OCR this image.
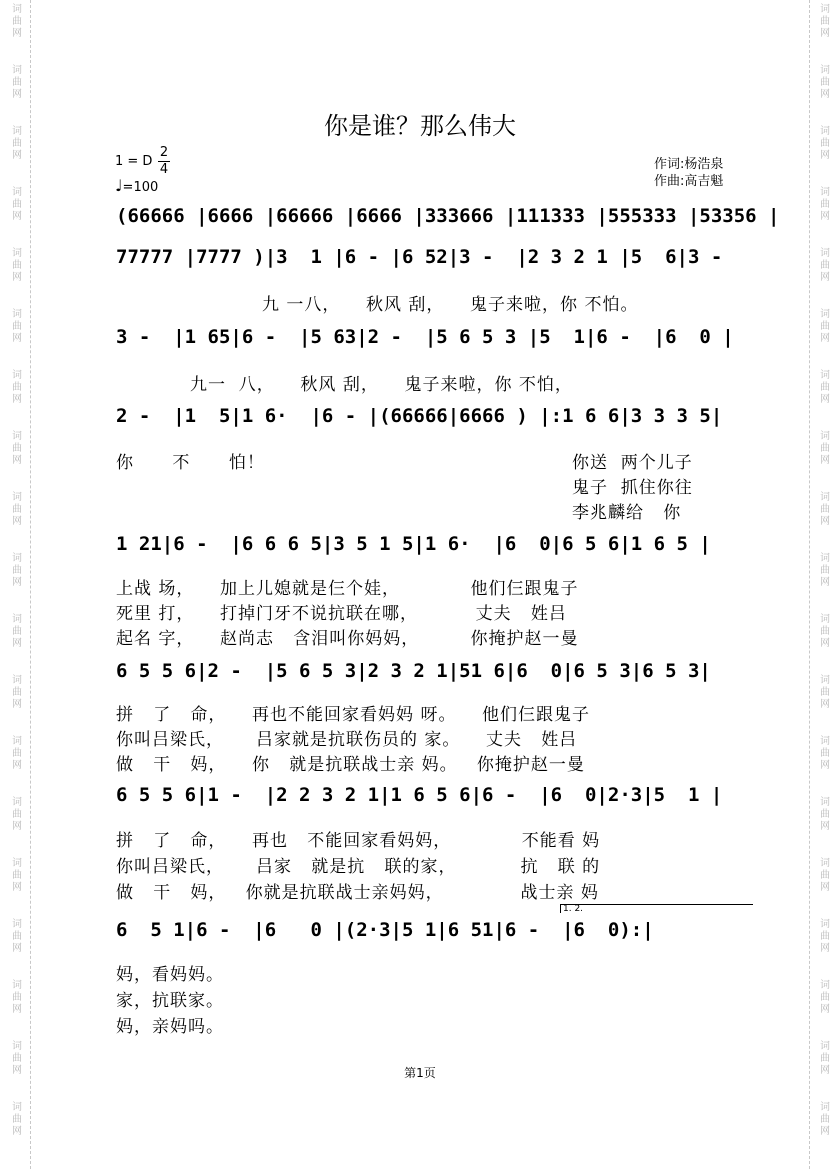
词曲网
词曲网
词曲网
词曲网
词曲网
词曲网
词曲网
词曲网
词曲网
词曲网
词曲网
词曲网
词曲网
词曲网
词曲网
词曲网
词曲网
词曲网
词曲网
词曲网
词曲网
词曲网
词曲网
词曲网
词曲网
词曲网
词曲网
词曲网
词曲网
词曲网
词曲网
词曲网
词曲网
词曲网
词曲网
词曲网
词曲网
词曲网
你是谁？那么伟大
1 = D
2
4
♩=100
作词:杨浩泉
作曲:高吉魁
(66666 |6666 |66666 |6666 |333666 |111333 |555333 |53356 |
77777 |7777 )|3  1 |6 - |6 52|3 -  |2 3 2 1 |5  6|3 -
九 一八，    秋风 刮，    鬼子来啦，你 不怕。
3 -  |1 65|6 -  |5 63|2 -  |5 6 5 3 |5  1|6 -  |6  0 |
九一  八，    秋风 刮，    鬼子来啦，你 不怕，
2 -  |1  5|1 6·  |6 - |(66666|6666 ) |:1 6 6|3 3 3 5|
你      不      怕！	你送  两个儿子
鬼子  抓住你往
李兆麟给   你
1 21|6 -  |6 6 6 5|3 5 1 5|1 6·  |6  0|6 5 6|1 6 5 |
上战 场，    加上儿媳就是仨个娃，           他们仨跟鬼子
死里 打，    打掉门牙不说抗联在哪，         丈夫   姓吕
起名 字，    赵尚志   含泪叫你妈妈，        你掩护赵一曼
6 5 5 6|2 -  |5 6 5 3|2 3 2 1|51 6|6  0|6 5 3|6 5 3|
拼   了   命，    再也不能回家看妈妈 呀。    他们仨跟鬼子
你叫吕梁氏，     吕家就是抗联伤员的 家。    丈夫   姓吕
做   干   妈，    你   就是抗联战士亲 妈。   你掩护赵一曼
6 5 5 6|1 -  |2 2 3 2 1|1 6 5 6|6 -  |6  0|2·3|5  1 |
拼   了   命，    再也   不能回家看妈妈，           不能看 妈
你叫吕梁氏，     吕家   就是抗   联的家，          抗   联 的
做   干   妈，   你就是抗联战士亲妈妈，            战士亲 妈
1. 2.
6  5 1|6 -  |6   0 |(2·3|5 1|6 51|6 -  |6  0):|
妈，看妈妈。
家，抗联家。
妈，亲妈吗。
第1页
